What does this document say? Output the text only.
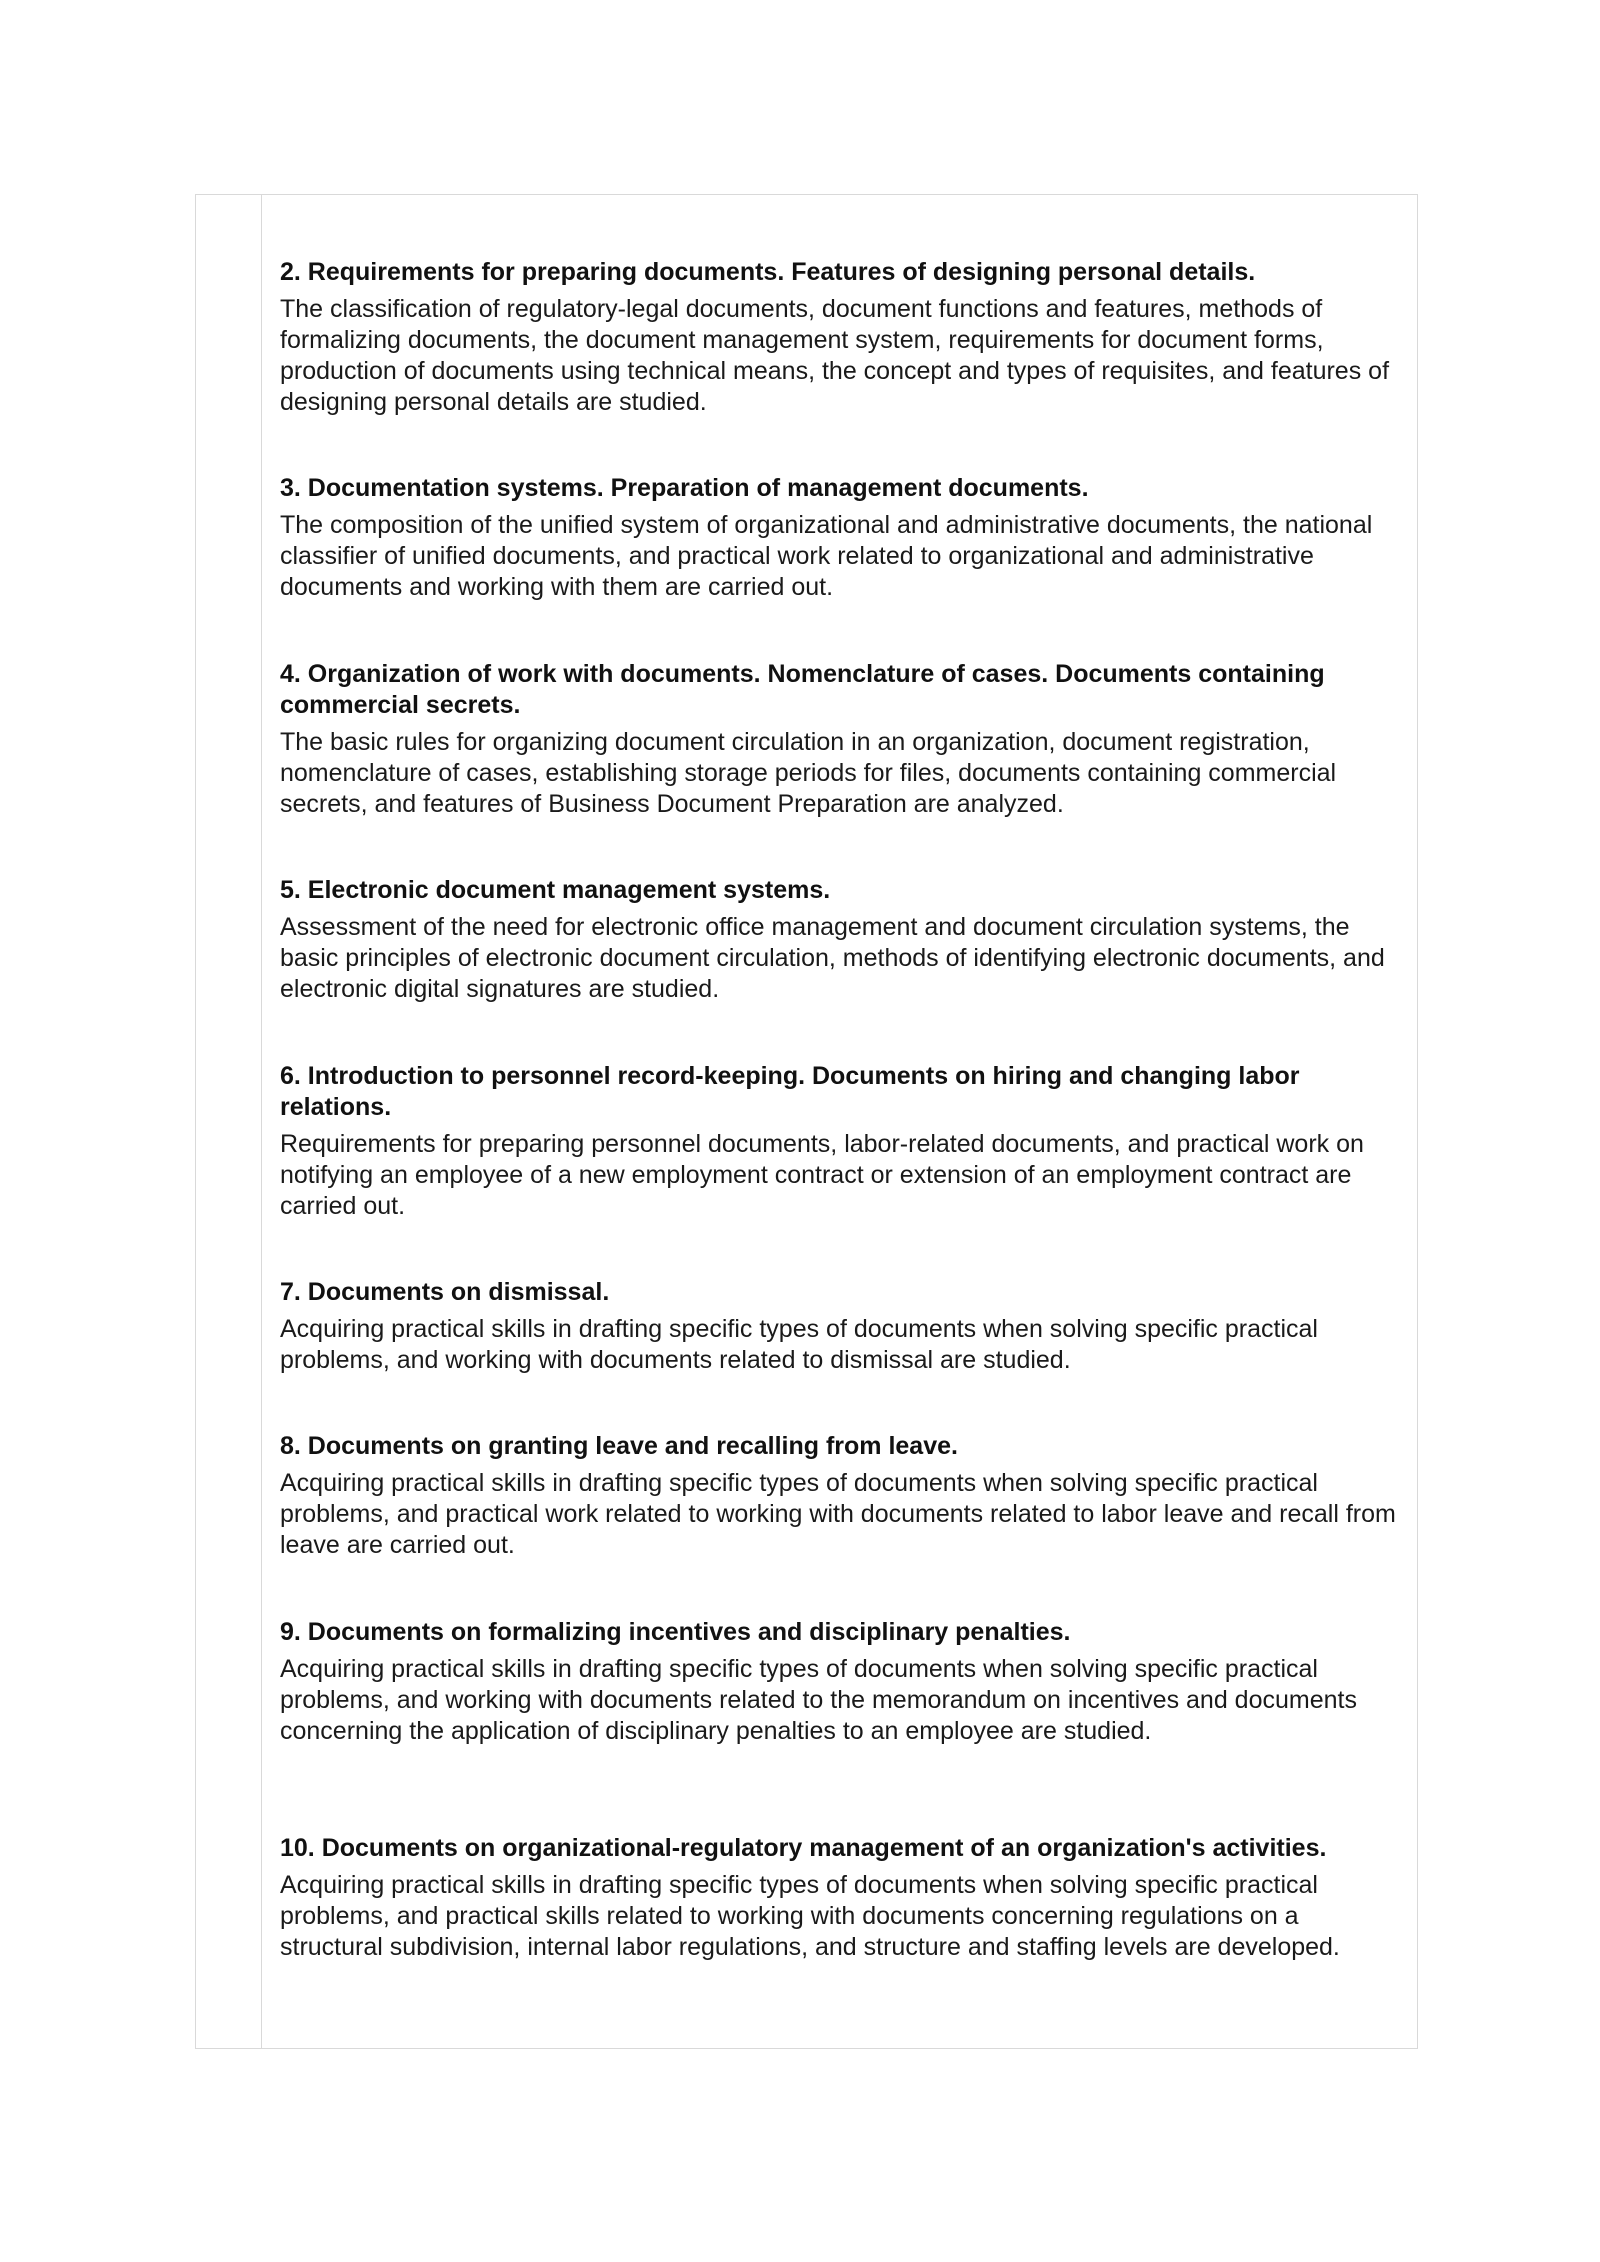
2. Requirements for preparing documents. Features of designing personal details.

The classification of regulatory-legal documents, document functions and features, methods of formalizing documents, the document management system, requirements for document forms, production of documents using technical means, the concept and types of requisites, and features of designing personal details are studied.

3. Documentation systems. Preparation of management documents.

The composition of the unified system of organizational and administrative documents, the national classifier of unified documents, and practical work related to organizational and administrative documents and working with them are carried out.

4. Organization of work with documents. Nomenclature of cases. Documents containing commercial secrets.

The basic rules for organizing document circulation in an organization, document registration, nomenclature of cases, establishing storage periods for files, documents containing commercial secrets, and features of Business Document Preparation are analyzed.

5. Electronic document management systems.

Assessment of the need for electronic office management and document circulation systems, the basic principles of electronic document circulation, methods of identifying electronic documents, and electronic digital signatures are studied.

6. Introduction to personnel record-keeping. Documents on hiring and changing labor relations.

Requirements for preparing personnel documents, labor-related documents, and practical work on notifying an employee of a new employment contract or extension of an employment contract are carried out.

7. Documents on dismissal.

Acquiring practical skills in drafting specific types of documents when solving specific practical problems, and working with documents related to dismissal are studied.

8. Documents on granting leave and recalling from leave.

Acquiring practical skills in drafting specific types of documents when solving specific practical problems, and practical work related to working with documents related to labor leave and recall from leave are carried out.

9. Documents on formalizing incentives and disciplinary penalties.

Acquiring practical skills in drafting specific types of documents when solving specific practical problems, and working with documents related to the memorandum on incentives and documents concerning the application of disciplinary penalties to an employee are studied.

10. Documents on organizational-regulatory management of an organization's activities.

Acquiring practical skills in drafting specific types of documents when solving specific practical problems, and practical skills related to working with documents concerning regulations on a structural subdivision, internal labor regulations, and structure and staffing levels are developed.
